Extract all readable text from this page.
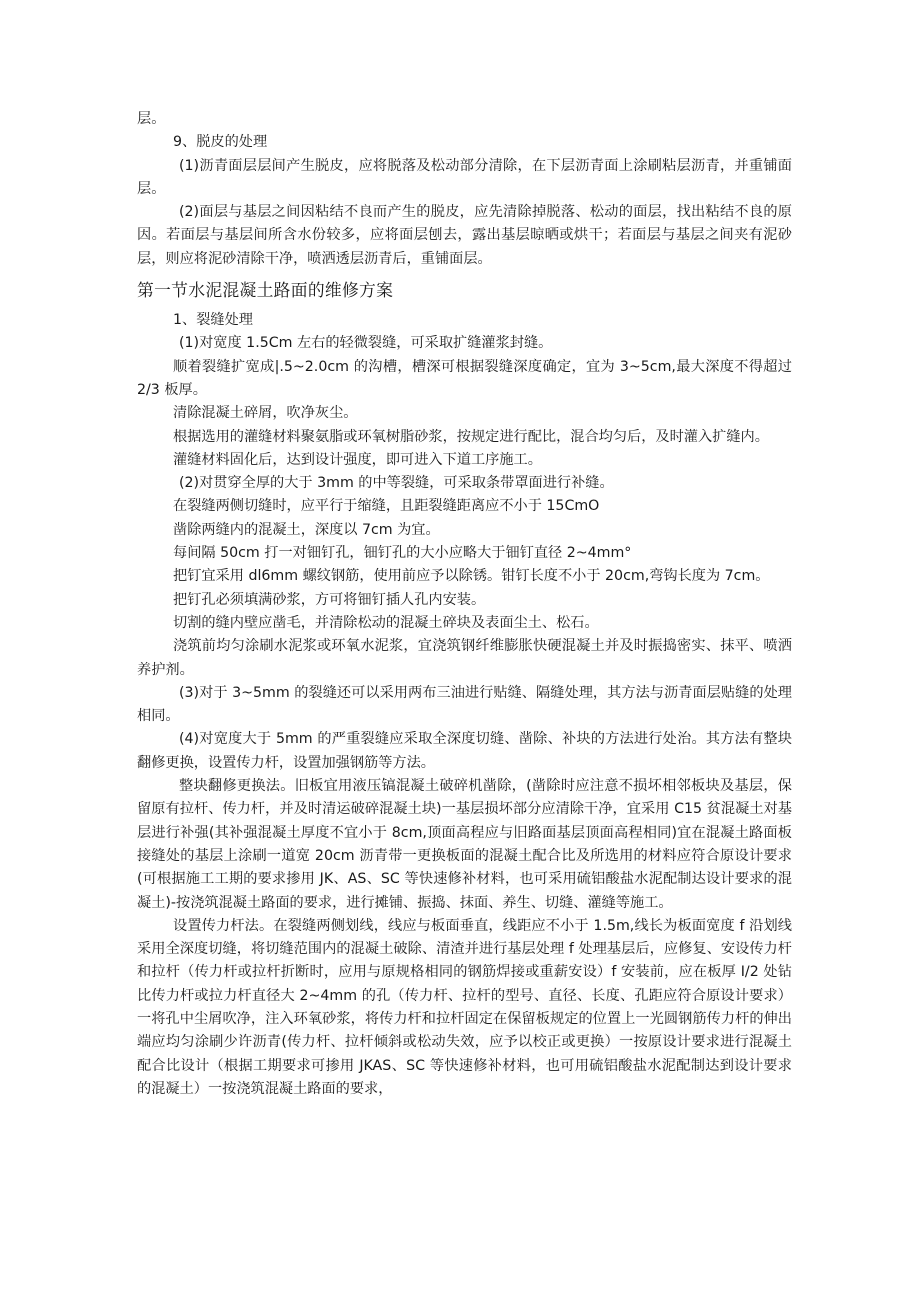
层。

9、脱皮的处理

(1)沥青面层层间产生脱皮，应将脱落及松动部分清除，在下层沥青面上涂刷粘层沥青，并重铺面层。

(2)面层与基层之间因粘结不良而产生的脱皮，应先清除掉脱落、松动的面层，找出粘结不良的原因。若面层与基层间所含水份较多，应将面层刨去，露出基层晾晒或烘干；若面层与基层之间夹有泥砂层，则应将泥砂清除干净，喷洒透层沥青后，重铺面层。

第一节水泥混凝土路面的维修方案

1、裂缝处理

(1)对宽度 1.5Cm 左右的轻微裂缝，可采取扩缝灌浆封缝。

顺着裂缝扩宽成|.5~2.0cm 的沟槽，槽深可根据裂缝深度确定，宜为 3~5cm,最大深度不得超过 2/3 板厚。

清除混凝土碎屑，吹净灰尘。

根据选用的灌缝材料聚氨脂或环氧树脂砂浆，按规定进行配比，混合均匀后，及时灌入扩缝内。

灌缝材料固化后，达到设计强度，即可进入下道工序施工。

(2)对贯穿全厚的大于 3mm 的中等裂缝，可采取条带罩面进行补缝。

在裂缝两侧切缝时，应平行于缩缝，且距裂缝距离应不小于 15CmO

凿除两缝内的混凝土，深度以 7cm 为宜。

每间隔 50cm 打一对钿钉孔，钿钉孔的大小应略大于钿钉直径 2~4mm°

把钉宜采用 dl6mm 螺纹钢筋，使用前应予以除锈。钳钉长度不小于 20cm,弯钩长度为 7cm。

把钉孔必须填满砂浆，方可将钿钉插人孔内安装。

切割的缝内壁应凿毛，并清除松动的混凝土碎块及表面尘土、松石。

浇筑前均匀涂刷水泥浆或环氧水泥浆，宜浇筑钢纤维膨胀快硬混凝土并及时振捣密实、抹平、喷洒养护剂。

(3)对于 3~5mm 的裂缝还可以采用两布三油进行贴缝、隔缝处理，其方法与沥青面层贴缝的处理相同。

(4)对宽度大于 5mm 的严重裂缝应采取全深度切缝、凿除、补块的方法进行处治。其方法有整块翻修更换，设置传力杆，设置加强钢筋等方法。

整块翻修更换法。旧板宜用液压镐混凝土破碎机凿除，(凿除时应注意不损坏相邻板块及基层，保留原有拉杆、传力杆，并及时清运破碎混凝土块)一基层损坏部分应清除干净，宜采用 C15 贫混凝土对基层进行补强(其补强混凝土厚度不宜小于 8cm,顶面高程应与旧路面基层顶面高程相同)宜在混凝土路面板接缝处的基层上涂刷一道宽 20cm 沥青带一更换板面的混凝土配合比及所选用的材料应符合原设计要求(可根据施工工期的要求掺用 JK、AS、SC 等快速修补材料，也可采用硫铝酸盐水泥配制达设计要求的混凝土)-按浇筑混凝土路面的要求，进行摊铺、振捣、抹面、养生、切缝、灌缝等施工。

设置传力杆法。在裂缝两侧划线，线应与板面垂直，线距应不小于 1.5m,线长为板面宽度 f 沿划线采用全深度切缝，将切缝范围内的混凝土破除、清渣并进行基层处理 f 处理基层后，应修复、安设传力杆和拉杆（传力杆或拉杆折断时，应用与原规格相同的钢筋焊接或重薪安设）f 安装前，应在板厚 I/2 处钻比传力杆或拉力杆直径大 2~4mm 的孔（传力杆、拉杆的型号、直径、长度、孔距应符合原设计要求）一将孔中尘屑吹净，注入环氧砂浆，将传力杆和拉杆固定在保留板规定的位置上一光圆钢筋传力杆的伸出端应均匀涂刷少许沥青(传力杆、拉杆倾斜或松动失效，应予以校正或更换）一按原设计要求进行混凝土配合比设计（根据工期要求可掺用 JKAS、SC 等快速修补材料，也可用硫铝酸盐水泥配制达到设计要求的混凝土）一按浇筑混凝土路面的要求，
